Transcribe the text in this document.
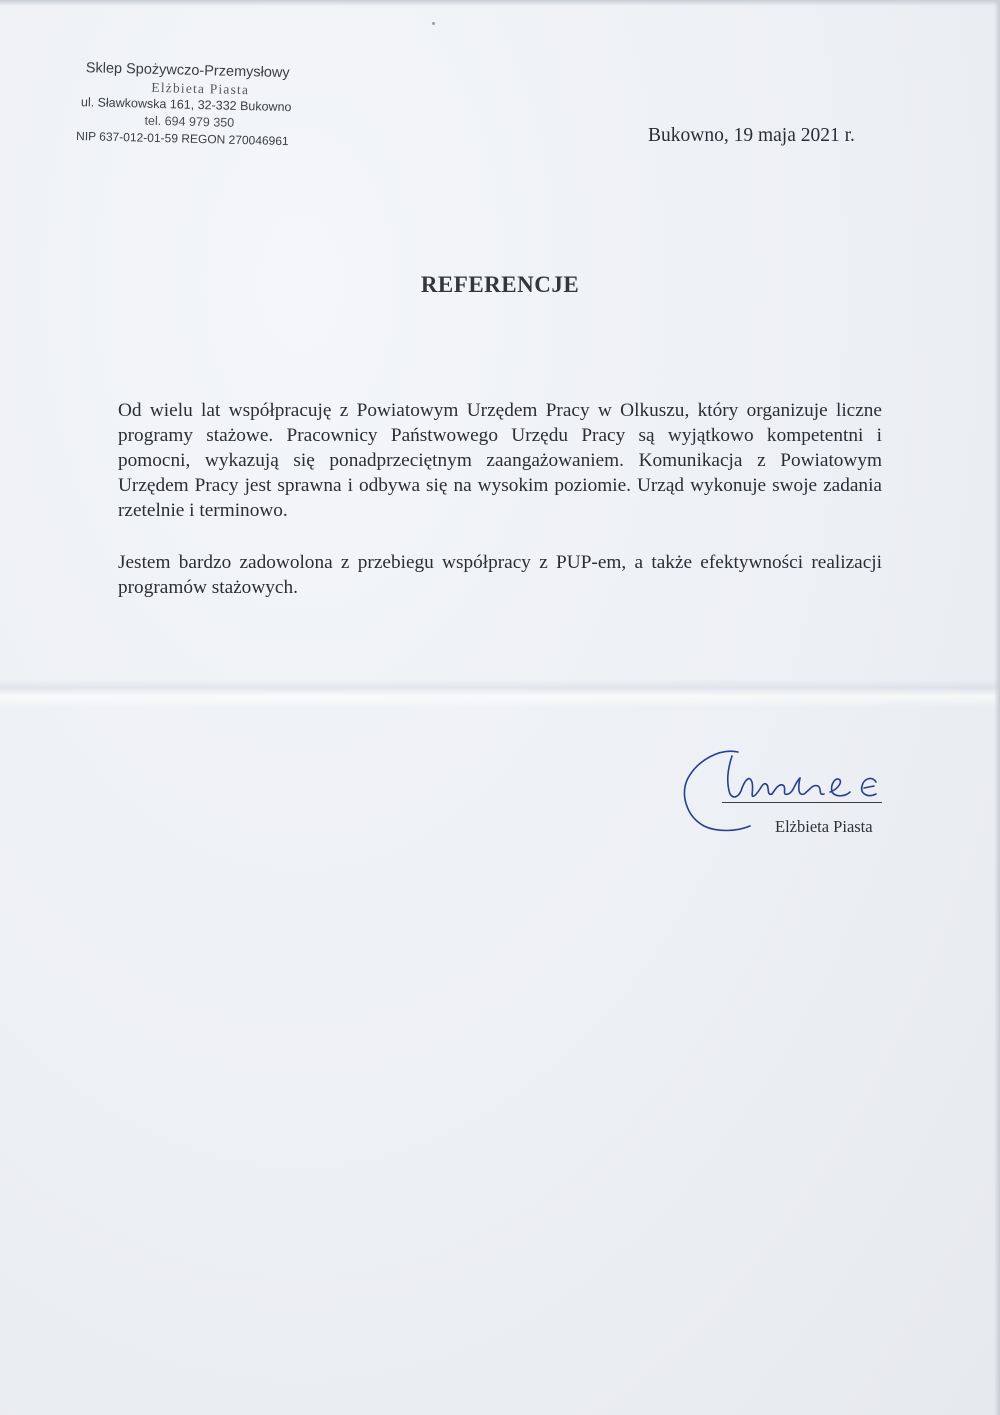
Sklep Spożywczo-Przemysłowy
Elżbieta Piasta
ul. Sławkowska 161, 32-332 Bukowno
tel. 694 979 350
NIP 637-012-01-59 REGON 270046961	Bukowno, 19 maja 2021 r.
REFERENCJE
Od wielu lat współpracuję z Powiatowym Urzędem Pracy w Olkuszu, który organizuje liczne programy stażowe. Pracownicy Państwowego Urzędu Pracy są wyjątkowo kompetentni i pomocni, wykazują się ponadprzeciętnym zaangażowaniem. Komunikacja z Powiatowym Urzędem Pracy jest sprawna i odbywa się na wysokim poziomie. Urząd wykonuje swoje zadania rzetelnie i terminowo.
Jestem bardzo zadowolona z przebiegu współpracy z PUP-em, a także efektywności realizacji programów stażowych.
Elżbieta Piasta
